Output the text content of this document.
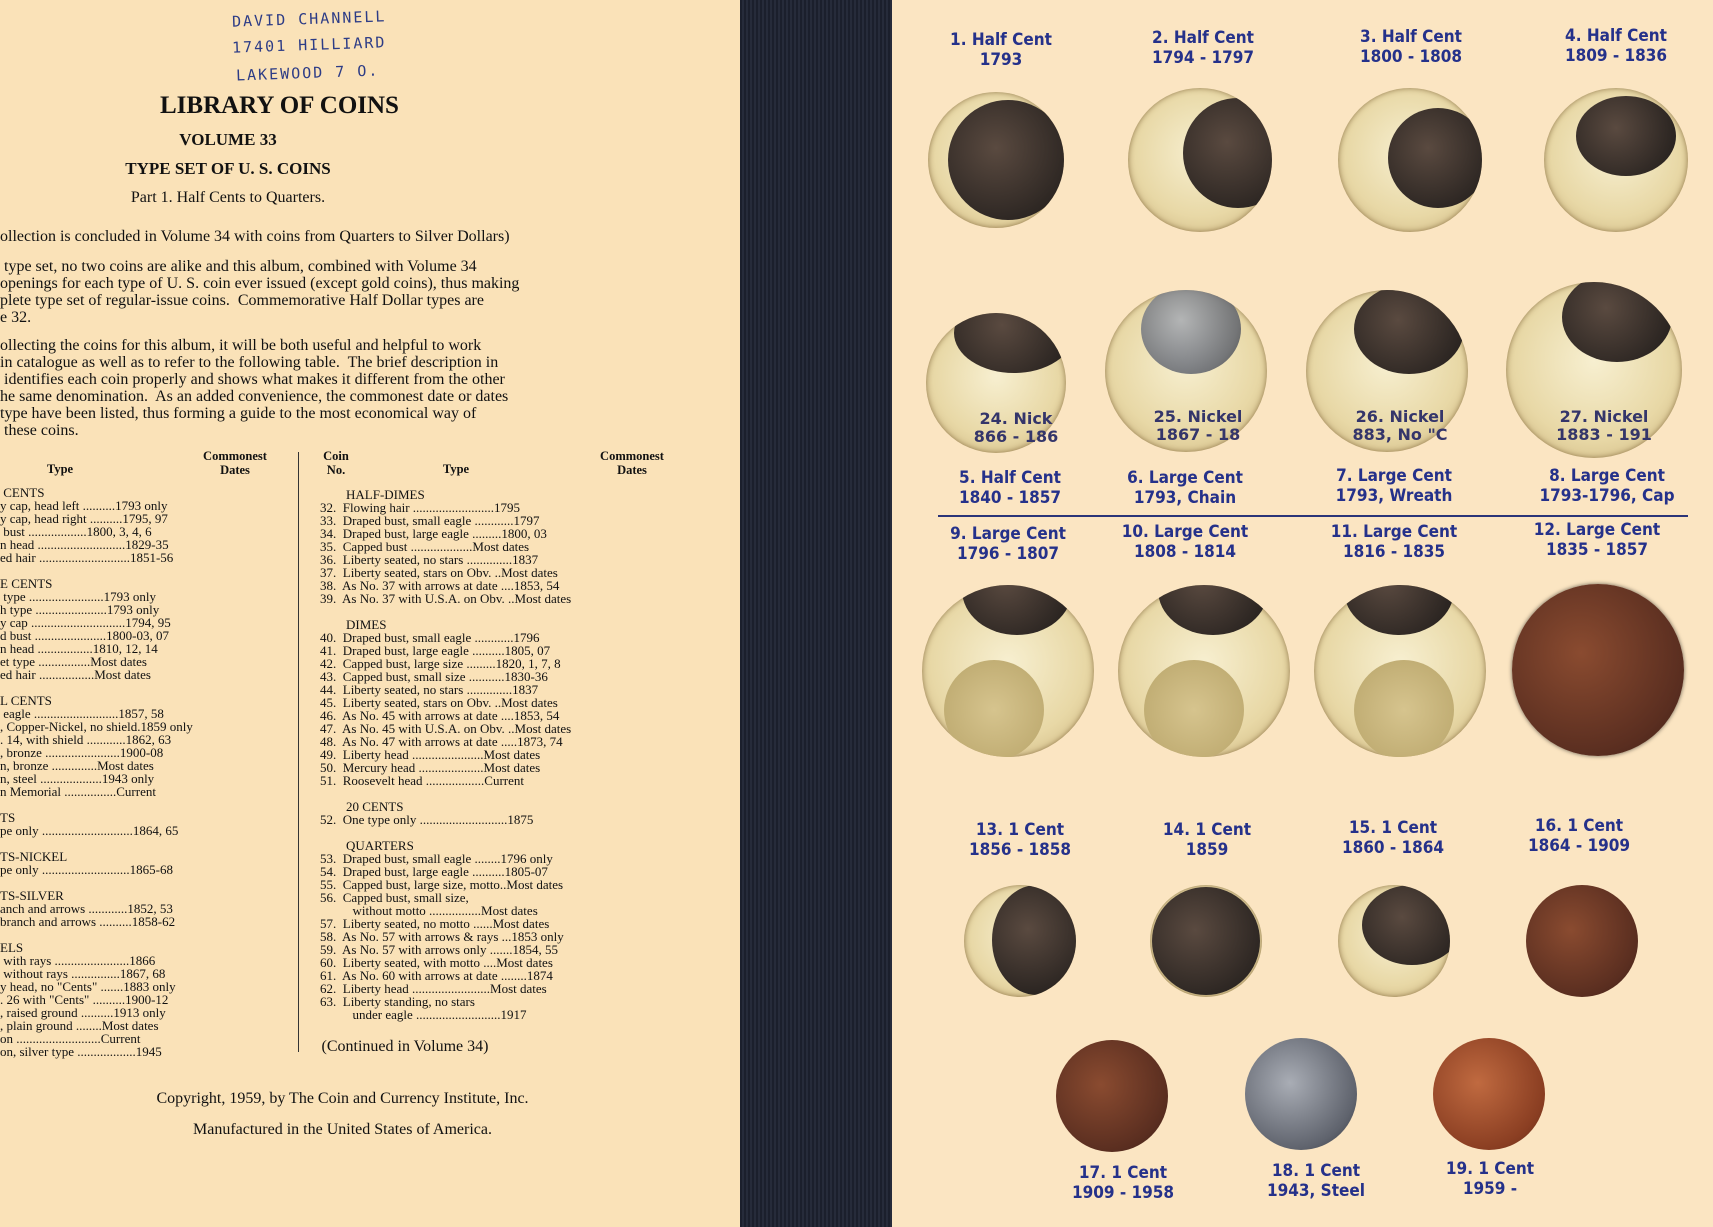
DAVID CHANNELL
17401 HILLIARD
LAKEWOOD 7 O.
LIBRARY OF COINS
VOLUME 33
TYPE SET OF U. S. COINS
Part 1. Half Cents to Quarters.
ollection is concluded in Volume 34 with coins from Quarters to Silver Dollars)
type set, no two coins are alike and this album, combined with Volume 34
openings for each type of U. S. coin ever issued (except gold coins), thus making
plete type set of regular-issue coins.  Commemorative Half Dollar types are
e 32.
ollecting the coins for this album, it will be both useful and helpful to work
in catalogue as well as to refer to the following table.  The brief description in
identifies each coin properly and shows what makes it different from the other
he same denomination.  As an added convenience, the commonest date or dates
type have been listed, thus forming a guide to the most economical way of
these coins.
Type
Commonest
Dates
Coin
No.	Type
Commonest
Dates
CENTS
y cap, head left ..........1793 only
y cap, head right ..........1795, 97
bust ..................1800, 3, 4, 6
n head ...........................1829-35
ed hair ............................1851-56

E CENTS
type .......................1793 only
h type ......................1793 only
y cap .............................1794, 95
d bust ......................1800-03, 07
n head .................1810, 12, 14
et type ................Most dates
ed hair .................Most dates

L CENTS
eagle ..........................1857, 58
, Copper-Nickel, no shield.1859 only
. 14, with shield ............1862, 63
, bronze .......................1900-08
n, bronze ..............Most dates
n, steel ...................1943 only
n Memorial ................Current

TS
pe only ............................1864, 65

TS-NICKEL
pe only ...........................1865-68

TS-SILVER
anch and arrows ............1852, 53
branch and arrows ..........1858-62

ELS
with rays .......................1866
without rays ...............1867, 68
y head, no "Cents" .......1883 only
. 26 with "Cents" ..........1900-12
, raised ground ..........1913 only
, plain ground ........Most dates
on ..........................Current
on, silver type ..................1945
HALF-DIMES
32.  Flowing hair .........................1795
33.  Draped bust, small eagle ............1797
34.  Draped bust, large eagle .........1800, 03
35.  Capped bust ...................Most dates
36.  Liberty seated, no stars ..............1837
37.  Liberty seated, stars on Obv. ..Most dates
38.  As No. 37 with arrows at date ....1853, 54
39.  As No. 37 with U.S.A. on Obv. ..Most dates

DIMES
40.  Draped bust, small eagle ............1796
41.  Draped bust, large eagle ..........1805, 07
42.  Capped bust, large size .........1820, 1, 7, 8
43.  Capped bust, small size ...........1830-36
44.  Liberty seated, no stars ..............1837
45.  Liberty seated, stars on Obv. ..Most dates
46.  As No. 45 with arrows at date ....1853, 54
47.  As No. 45 with U.S.A. on Obv. ..Most dates
48.  As No. 47 with arrows at date .....1873, 74
49.  Liberty head ......................Most dates
50.  Mercury head ....................Most dates
51.  Roosevelt head ..................Current

20 CENTS
52.  One type only ...........................1875

QUARTERS
53.  Draped bust, small eagle ........1796 only
54.  Draped bust, large eagle ..........1805-07
55.  Capped bust, large size, motto..Most dates
56.  Capped bust, small size,
without motto ................Most dates
57.  Liberty seated, no motto ......Most dates
58.  As No. 57 with arrows & rays ...1853 only
59.  As No. 57 with arrows only .......1854, 55
60.  Liberty seated, with motto ....Most dates
61.  As No. 60 with arrows at date ........1874
62.  Liberty head ........................Most dates
63.  Liberty standing, no stars
under eagle ..........................1917
(Continued in Volume 34)
Copyright, 1959, by The Coin and Currency Institute, Inc.
Manufactured in the United States of America.
1. Half Cent
1793
2. Half Cent
1794 - 1797
3. Half Cent
1800 - 1808
4. Half Cent
1809 - 1836
24. Nick
866 - 186
25. Nickel
1867 - 18
26. Nickel
883, No "C
27. Nickel
1883 - 191
5. Half Cent
1840 - 1857
6. Large Cent
1793, Chain
7. Large Cent
1793, Wreath
8. Large Cent
1793-1796, Cap
9. Large Cent
1796 - 1807
10. Large Cent
1808 - 1814
11. Large Cent
1816 - 1835
12. Large Cent
1835 - 1857
13. 1 Cent
1856 - 1858
14. 1 Cent
1859
15. 1 Cent
1860 - 1864
16. 1 Cent
1864 - 1909
17. 1 Cent
1909 - 1958
18. 1 Cent
1943, Steel
19. 1 Cent
1959 -
